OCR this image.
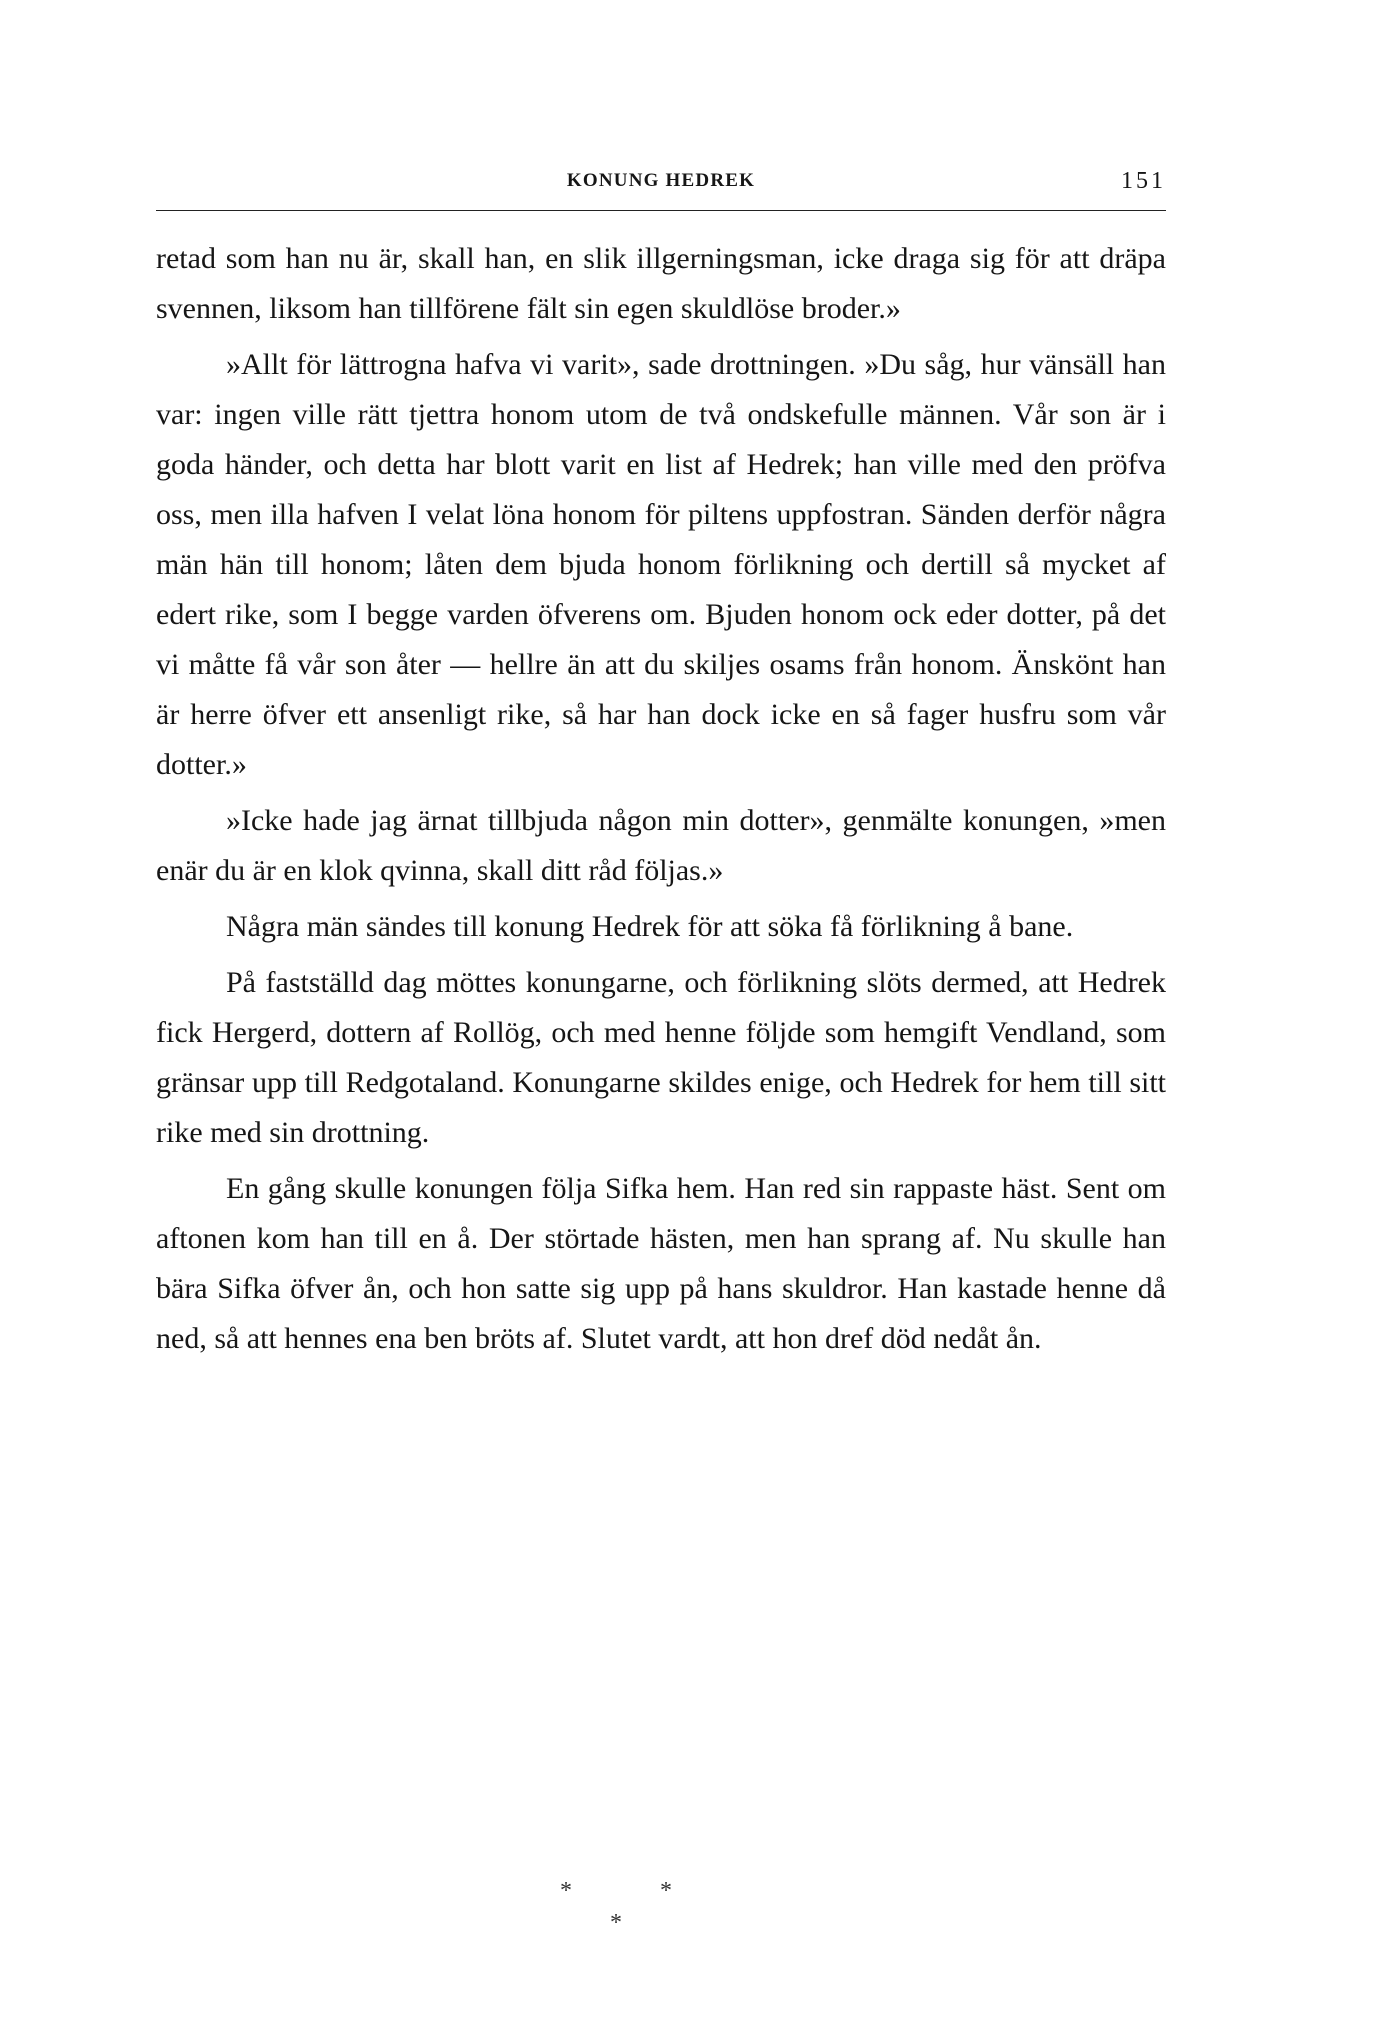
KONUNG HEDREK	151

retad som han nu är, skall han, en slik illgerningsman, icke draga sig för att dräpa svennen, liksom han tillförene fält sin egen skuldlöse broder.»

»Allt för lättrogna hafva vi varit», sade drottningen. »Du såg, hur vänsäll han var: ingen ville rätt tjettra honom utom de två ondskefulle männen. Vår son är i goda händer, och detta har blott varit en list af Hedrek; han ville med den pröfva oss, men illa hafven I velat löna honom för piltens uppfostran. Sänden derför några män hän till honom; låten dem bjuda honom förlikning och dertill så mycket af edert rike, som I begge varden öfverens om. Bjuden honom ock eder dotter, på det vi måtte få vår son åter — hellre än att du skiljes osams från honom. Änskönt han är herre öfver ett ansenligt rike, så har han dock icke en så fager husfru som vår dotter.»

»Icke hade jag ärnat tillbjuda någon min dotter», genmälte konungen, »men enär du är en klok qvinna, skall ditt råd följas.»

Några män sändes till konung Hedrek för att söka få förlikning å bane.

På fastställd dag möttes konungarne, och förlikning slöts dermed, att Hedrek fick Hergerd, dottern af Rollög, och med henne följde som hemgift Vendland, som gränsar upp till Redgotaland. Konungarne skildes enige, och Hedrek for hem till sitt rike med sin drottning.

En gång skulle konungen följa Sifka hem. Han red sin rappaste häst. Sent om aftonen kom han till en å. Der störtade hästen, men han sprang af. Nu skulle han bära Sifka öfver ån, och hon satte sig upp på hans skuldror. Han kastade henne då ned, så att hennes ena ben bröts af. Slutet vardt, att hon dref död nedåt ån.

*	*
*
